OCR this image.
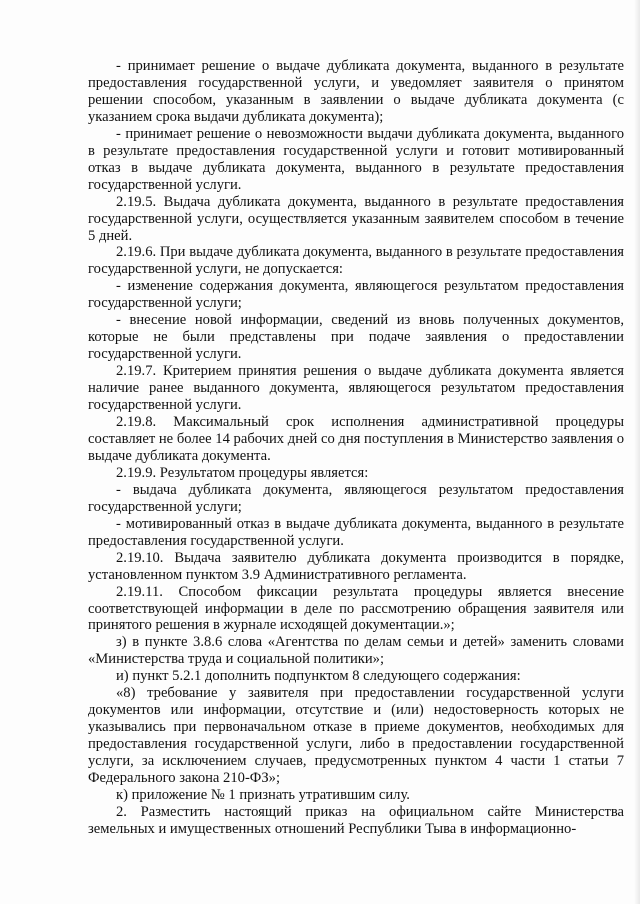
- принимает решение о выдаче дубликата документа, выданного в результате предоставления государственной услуги, и уведомляет заявителя о принятом решении способом, указанным в заявлении о выдаче дубликата документа (с указанием срока выдачи дубликата документа);

- принимает решение о невозможности выдачи дубликата документа, выданного в результате предоставления государственной услуги и готовит мотивированный отказ в выдаче дубликата документа, выданного в результате предоставления государственной услуги.

2.19.5. Выдача дубликата документа, выданного в результате предоставления государственной услуги, осуществляется указанным заявителем способом в течение 5 дней.

2.19.6. При выдаче дубликата документа, выданного в результате предоставления государственной услуги, не допускается:

- изменение содержания документа, являющегося результатом предоставления государственной услуги;

- внесение новой информации, сведений из вновь полученных документов, которые не были представлены при подаче заявления о предоставлении государственной услуги.

2.19.7. Критерием принятия решения о выдаче дубликата документа является наличие ранее выданного документа, являющегося результатом предоставления государственной услуги.

2.19.8. Максимальный срок исполнения административной процедуры составляет не более 14 рабочих дней со дня поступления в Министерство заявления о выдаче дубликата документа.

2.19.9. Результатом процедуры является:

- выдача дубликата документа, являющегося результатом предоставления государственной услуги;

- мотивированный отказ в выдаче дубликата документа, выданного в результате предоставления государственной услуги.

2.19.10. Выдача заявителю дубликата документа производится в порядке, установленном пунктом 3.9 Административного регламента.

2.19.11. Способом фиксации результата процедуры является внесение соответствующей информации в деле по рассмотрению обращения заявителя или принятого решения в журнале исходящей документации.»;

з) в пункте 3.8.6 слова «Агентства по делам семьи и детей» заменить словами «Министерства труда и социальной политики»;

и) пункт 5.2.1 дополнить подпунктом 8 следующего содержания:

«8) требование у заявителя при предоставлении государственной услуги документов или информации, отсутствие и (или) недостоверность которых не указывались при первоначальном отказе в приеме документов, необходимых для предоставления государственной услуги, либо в предоставлении государственной услуги, за исключением случаев, предусмотренных пунктом 4 части 1 статьи 7 Федерального закона 210-ФЗ»;

к) приложение № 1 признать утратившим силу.

2. Разместить настоящий приказ на официальном сайте Министерства земельных и имущественных отношений Республики Тыва в информационно-
